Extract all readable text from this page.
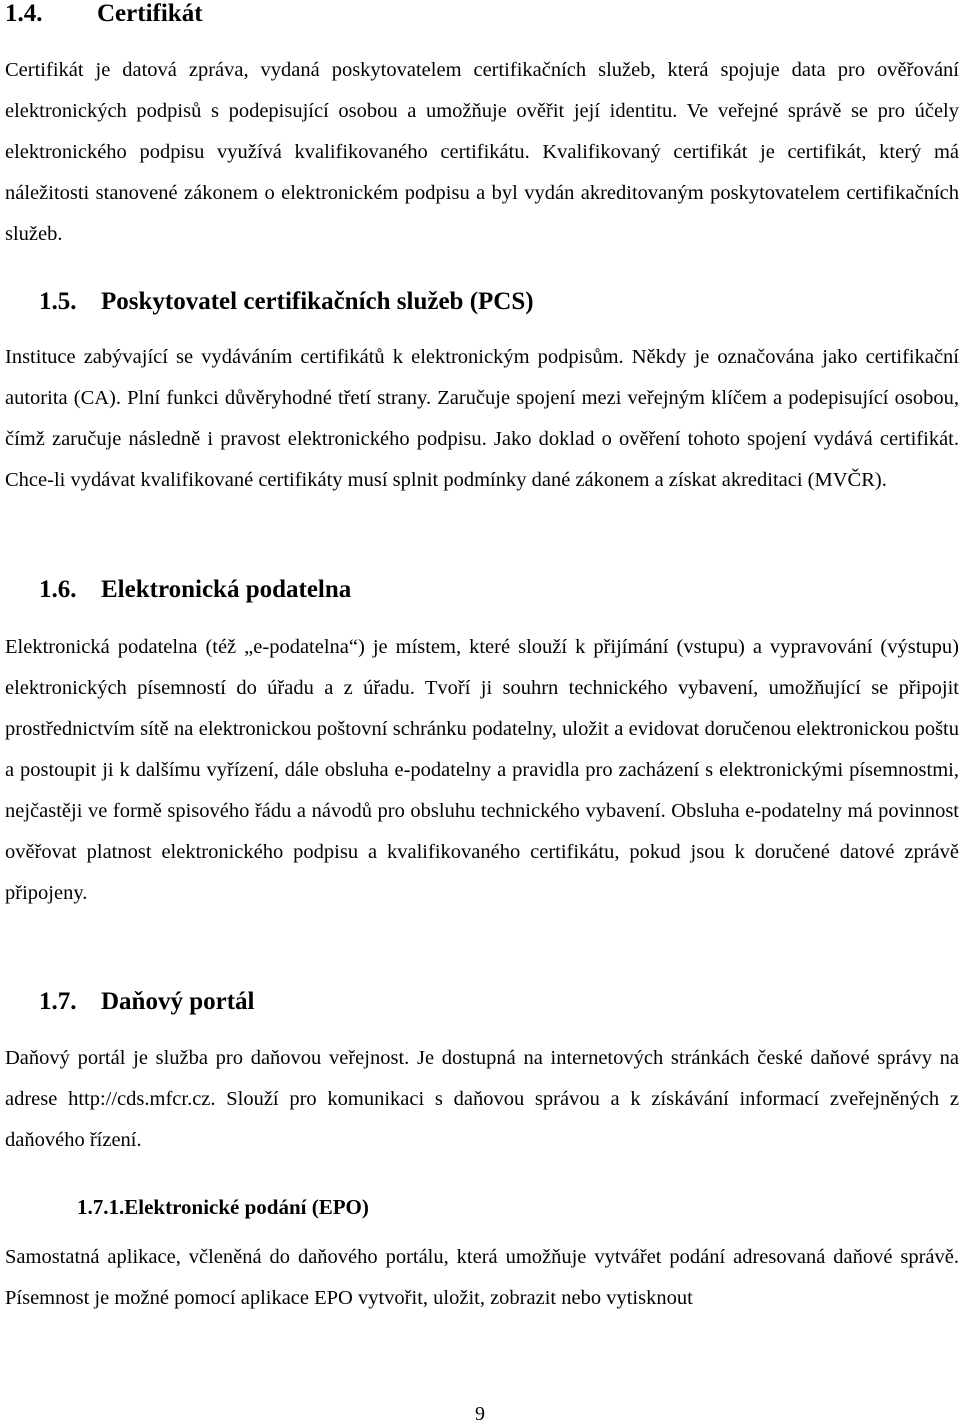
1.4. Certifikát

Certifikát je datová zpráva, vydaná poskytovatelem certifikačních služeb, která spojuje data pro ověřování elektronických podpisů s podepisující osobou a umožňuje ověřit její identitu. Ve veřejné správě se pro účely elektronického podpisu využívá kvalifikovaného certifikátu. Kvalifikovaný certifikát je certifikát, který má náležitosti stanovené zákonem o elektronickém podpisu a byl vydán akreditovaným poskytovatelem certifikačních služeb.

1.5. Poskytovatel certifikačních služeb (PCS)

Instituce zabývající se vydáváním certifikátů k elektronickým podpisům. Někdy je označována jako certifikační autorita (CA). Plní funkci důvěryhodné třetí strany. Zaručuje spojení mezi veřejným klíčem a podepisující osobou, čímž zaručuje následně i pravost elektronického podpisu. Jako doklad o ověření tohoto spojení vydává certifikát. Chce-li vydávat kvalifikované certifikáty musí splnit podmínky dané zákonem a získat akreditaci (MVČR).

1.6. Elektronická podatelna

Elektronická podatelna (též „e-podatelna“) je místem, které slouží k přijímání (vstupu) a vypravování (výstupu) elektronických písemností do úřadu a z úřadu. Tvoří ji souhrn technického vybavení, umožňující se připojit prostřednictvím sítě na elektronickou poštovní schránku podatelny, uložit a evidovat doručenou elektronickou poštu a postoupit ji k dalšímu vyřízení, dále obsluha e-podatelny a pravidla pro zacházení s elektronickými písemnostmi, nejčastěji ve formě spisového řádu a návodů pro obsluhu technického vybavení. Obsluha e-podatelny má povinnost ověřovat platnost elektronického podpisu a kvalifikovaného certifikátu, pokud jsou k doručené datové zprávě připojeny.

1.7. Daňový portál

Daňový portál je služba pro daňovou veřejnost. Je dostupná na internetových stránkách české daňové správy na adrese http://cds.mfcr.cz. Slouží pro komunikaci s daňovou správou a k získávání informací zveřejněných z daňového řízení.

1.7.1.Elektronické podání (EPO)

Samostatná aplikace, včleněná do daňového portálu, která umožňuje vytvářet podání adresovaná daňové správě. Písemnost je možné pomocí aplikace EPO vytvořit, uložit, zobrazit nebo vytisknout

9
